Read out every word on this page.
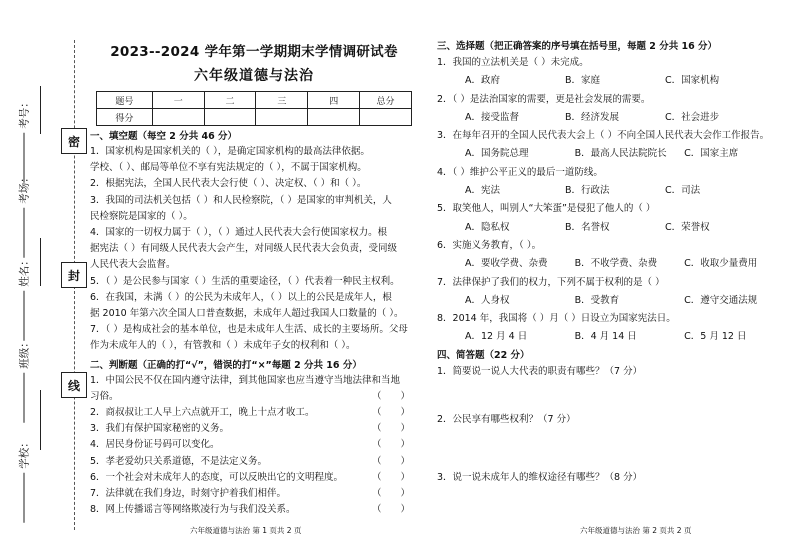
密
封
线
考号：
考场：
姓名：
班级：
学校：
2023--2024 学年第一学期期末学情调研试卷
六年级道德与法治
题号	一	二	三	四	总分
得分					
一、填空题（每空 2 分共 46 分）
1．国家机构是国家机关的（ ），是确定国家机构的最高法律依据。
学校、（ ）、邮局等单位不享有宪法规定的（ ），不属于国家机构。
2．根据宪法，全国人民代表大会行使（ ）、决定权、（ ）和（ ）。
3．我国的司法机关包括（ ）和人民检察院，（ ）是国家的审判机关，人
民检察院是国家的（ ）。
4．国家的一切权力属于（ ），（ ）通过人民代表大会行使国家权力。根
据宪法（ ）有同级人民代表大会产生，对同级人民代表大会负责，受同级
人民代表大会监督。
5．（ ）是公民参与国家（ ）生活的重要途径，（ ）代表着一种民主权利。
6．在我国，未满（ ）的公民为未成年人，（ ）以上的公民是成年人，根
据 2010 年第六次全国人口普查数据，未成年人超过我国人口数量的（ ）。
7．（ ）是构成社会的基本单位，也是未成年人生活、成长的主要场所。父母
作为未成年人的（ ），有管教和（ ）未成年子女的权利和（ ）。
二、判断题（正确的打“√”，错误的打“×”每题 2 分共 16 分）
1．中国公民不仅在国内遵守法律，到其他国家也应当遵守当地法律和当地
习俗。	（ ）
2．商叔叔让工人早上六点就开工，晚上十点才收工。	（ ）
3．我们有保护国家秘密的义务。	（ ）
4．居民身份证号码可以变化。	（ ）
5．孝老爱幼只关系道德，不是法定义务。	（ ）
6．一个社会对未成年人的态度，可以反映出它的文明程度。	（ ）
7．法律就在我们身边，时刻守护着我们相伴。	（ ）
8．网上传播谣言等网络欺凌行为与我们没关系。	（ ）
六年级道德与法治 第 1 页共 2 页
三、选择题（把正确答案的序号填在括号里，每题 2 分共 16 分）
1．我国的立法机关是（ ）未完成。
A．政府	B．家庭	C．国家机构
2．（ ）是法治国家的需要，更是社会发展的需要。
A．接受监督	B．经济发展	C．社会进步
3．在每年召开的全国人民代表大会上（ ）不向全国人民代表大会作工作报告。
A．国务院总理	B．最高人民法院院长	C．国家主席
4．（ ）维护公平正义的最后一道防线。
A．宪法	B．行政法	C．司法
5．取笑他人，叫别人“大笨蛋”是侵犯了他人的（ ）
A．隐私权	B．名誉权	C．荣誉权
6．实施义务教育，（ ）。
A．要收学费、杂费	B．不收学费、杂费	C．收取少量费用
7．法律保护了我们的权力，下列不属于权利的是（ ）
A．人身权	B．受教育	C．遵守交通法规
8．2014 年，我国将（ ）月（ ）日设立为国家宪法日。
A．12 月 4 日	B．4 月 14 日	C．5 月 12 日
四、简答题（22 分）
1．简要说一说人大代表的职责有哪些？（7 分）
2．公民享有哪些权利？（7 分）
3．说一说未成年人的维权途径有哪些？（8 分）
六年级道德与法治 第 2 页共 2 页
